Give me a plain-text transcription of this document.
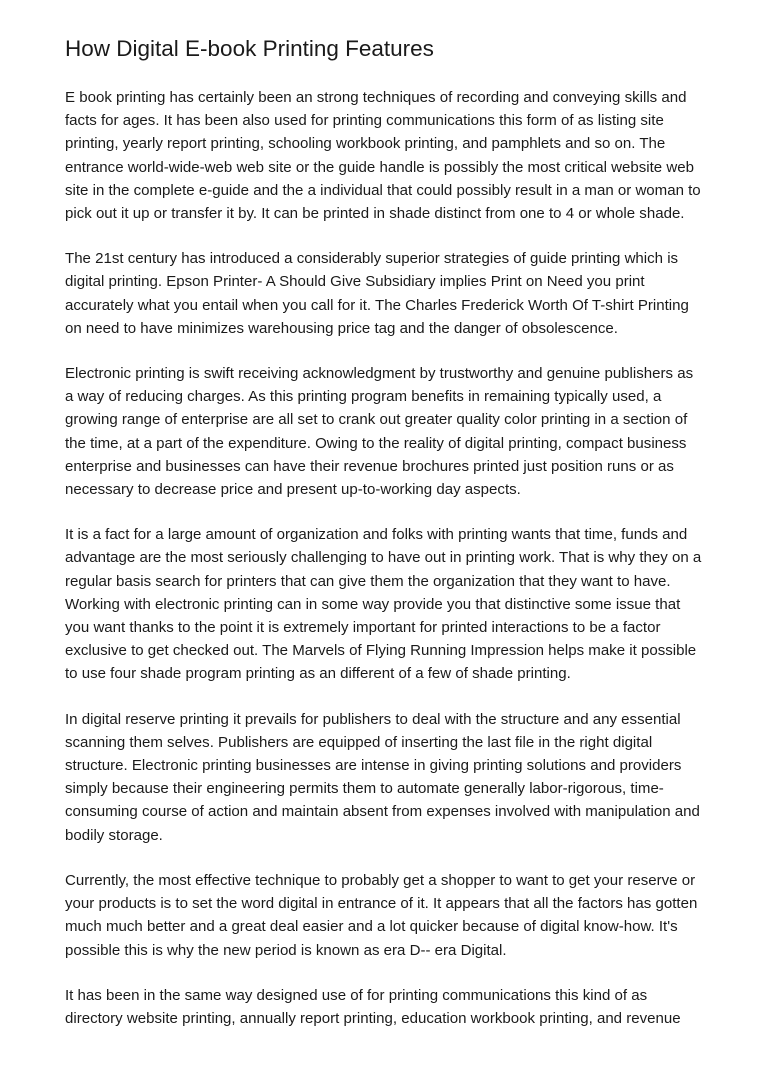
How Digital E-book Printing Features

E book printing has certainly been an strong techniques of recording and conveying skills and facts for ages. It has been also used for printing communications this form of as listing site printing, yearly report printing, schooling workbook printing, and pamphlets and so on. The entrance world-wide-web web site or the guide handle is possibly the most critical website web site in the complete e-guide and the a individual that could possibly result in a man or woman to pick out it up or transfer it by. It can be printed in shade distinct from one to 4 or whole shade.

The 21st century has introduced a considerably superior strategies of guide printing which is digital printing. Epson Printer- A Should Give Subsidiary implies Print on Need you print accurately what you entail when you call for it. The Charles Frederick Worth Of T-shirt Printing on need to have minimizes warehousing price tag and the danger of obsolescence.

Electronic printing is swift receiving acknowledgment by trustworthy and genuine publishers as a way of reducing charges. As this printing program benefits in remaining typically used, a growing range of enterprise are all set to crank out greater quality color printing in a section of the time, at a part of the expenditure. Owing to the reality of digital printing, compact business enterprise and businesses can have their revenue brochures printed just position runs or as necessary to decrease price and present up-to-working day aspects.

It is a fact for a large amount of organization and folks with printing wants that time, funds and advantage are the most seriously challenging to have out in printing work. That is why they on a regular basis search for printers that can give them the organization that they want to have. Working with electronic printing can in some way provide you that distinctive some issue that you want thanks to the point it is extremely important for printed interactions to be a factor exclusive to get checked out. The Marvels of Flying Running Impression helps make it possible to use four shade program printing as an different of a few of shade printing.

In digital reserve printing it prevails for publishers to deal with the structure and any essential scanning them selves. Publishers are equipped of inserting the last file in the right digital structure. Electronic printing businesses are intense in giving printing solutions and providers simply because their engineering permits them to automate generally labor-rigorous, time-consuming course of action and maintain absent from expenses involved with manipulation and bodily storage.

Currently, the most effective technique to probably get a shopper to want to get your reserve or your products is to set the word digital in entrance of it. It appears that all the factors has gotten much much better and a great deal easier and a lot quicker because of digital know-how. It's possible this is why the new period is known as era D-- era Digital.

It has been in the same way designed use of for printing communications this kind of as directory website printing, annually report printing, education workbook printing, and revenue
